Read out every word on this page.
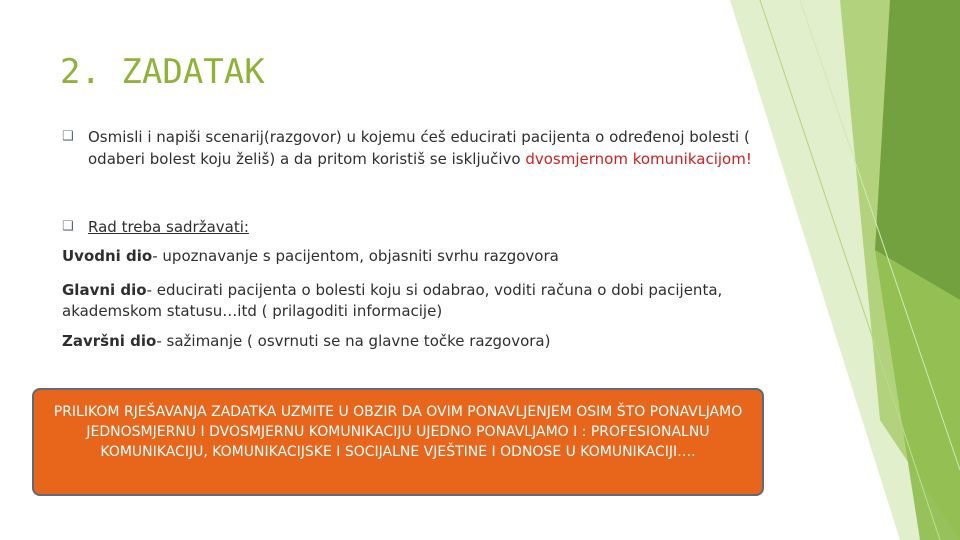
2. ZADATAK
❑ Osmisli i napiši scenarij(razgovor) u kojemu ćeš educirati pacijenta o određenoj bolesti ( odaberi bolest koju želiš) a da pritom koristiš se isključivo dvosmjernom komunikacijom!
❑ Rad treba sadržavati:
Uvodni dio- upoznavanje s pacijentom, objasniti svrhu razgovora
Glavni dio- educirati pacijenta o bolesti koju si odabrao, voditi računa o dobi pacijenta, akademskom statusu…itd ( prilagoditi informacije)
Završni dio- sažimanje ( osvrnuti se na glavne točke razgovora)
PRILIKOM RJEŠAVANJA ZADATKA UZMITE U OBZIR DA OVIM PONAVLJENJEM OSIM ŠTO PONAVLJAMO JEDNOSMJERNU I DVOSMJERNU KOMUNIKACIJU UJEDNO PONAVLJAMO I : PROFESIONALNU KOMUNIKACIJU, KOMUNIKACIJSKE I SOCIJALNE VJEŠTINE I ODNOSE U KOMUNIKACIJI….
